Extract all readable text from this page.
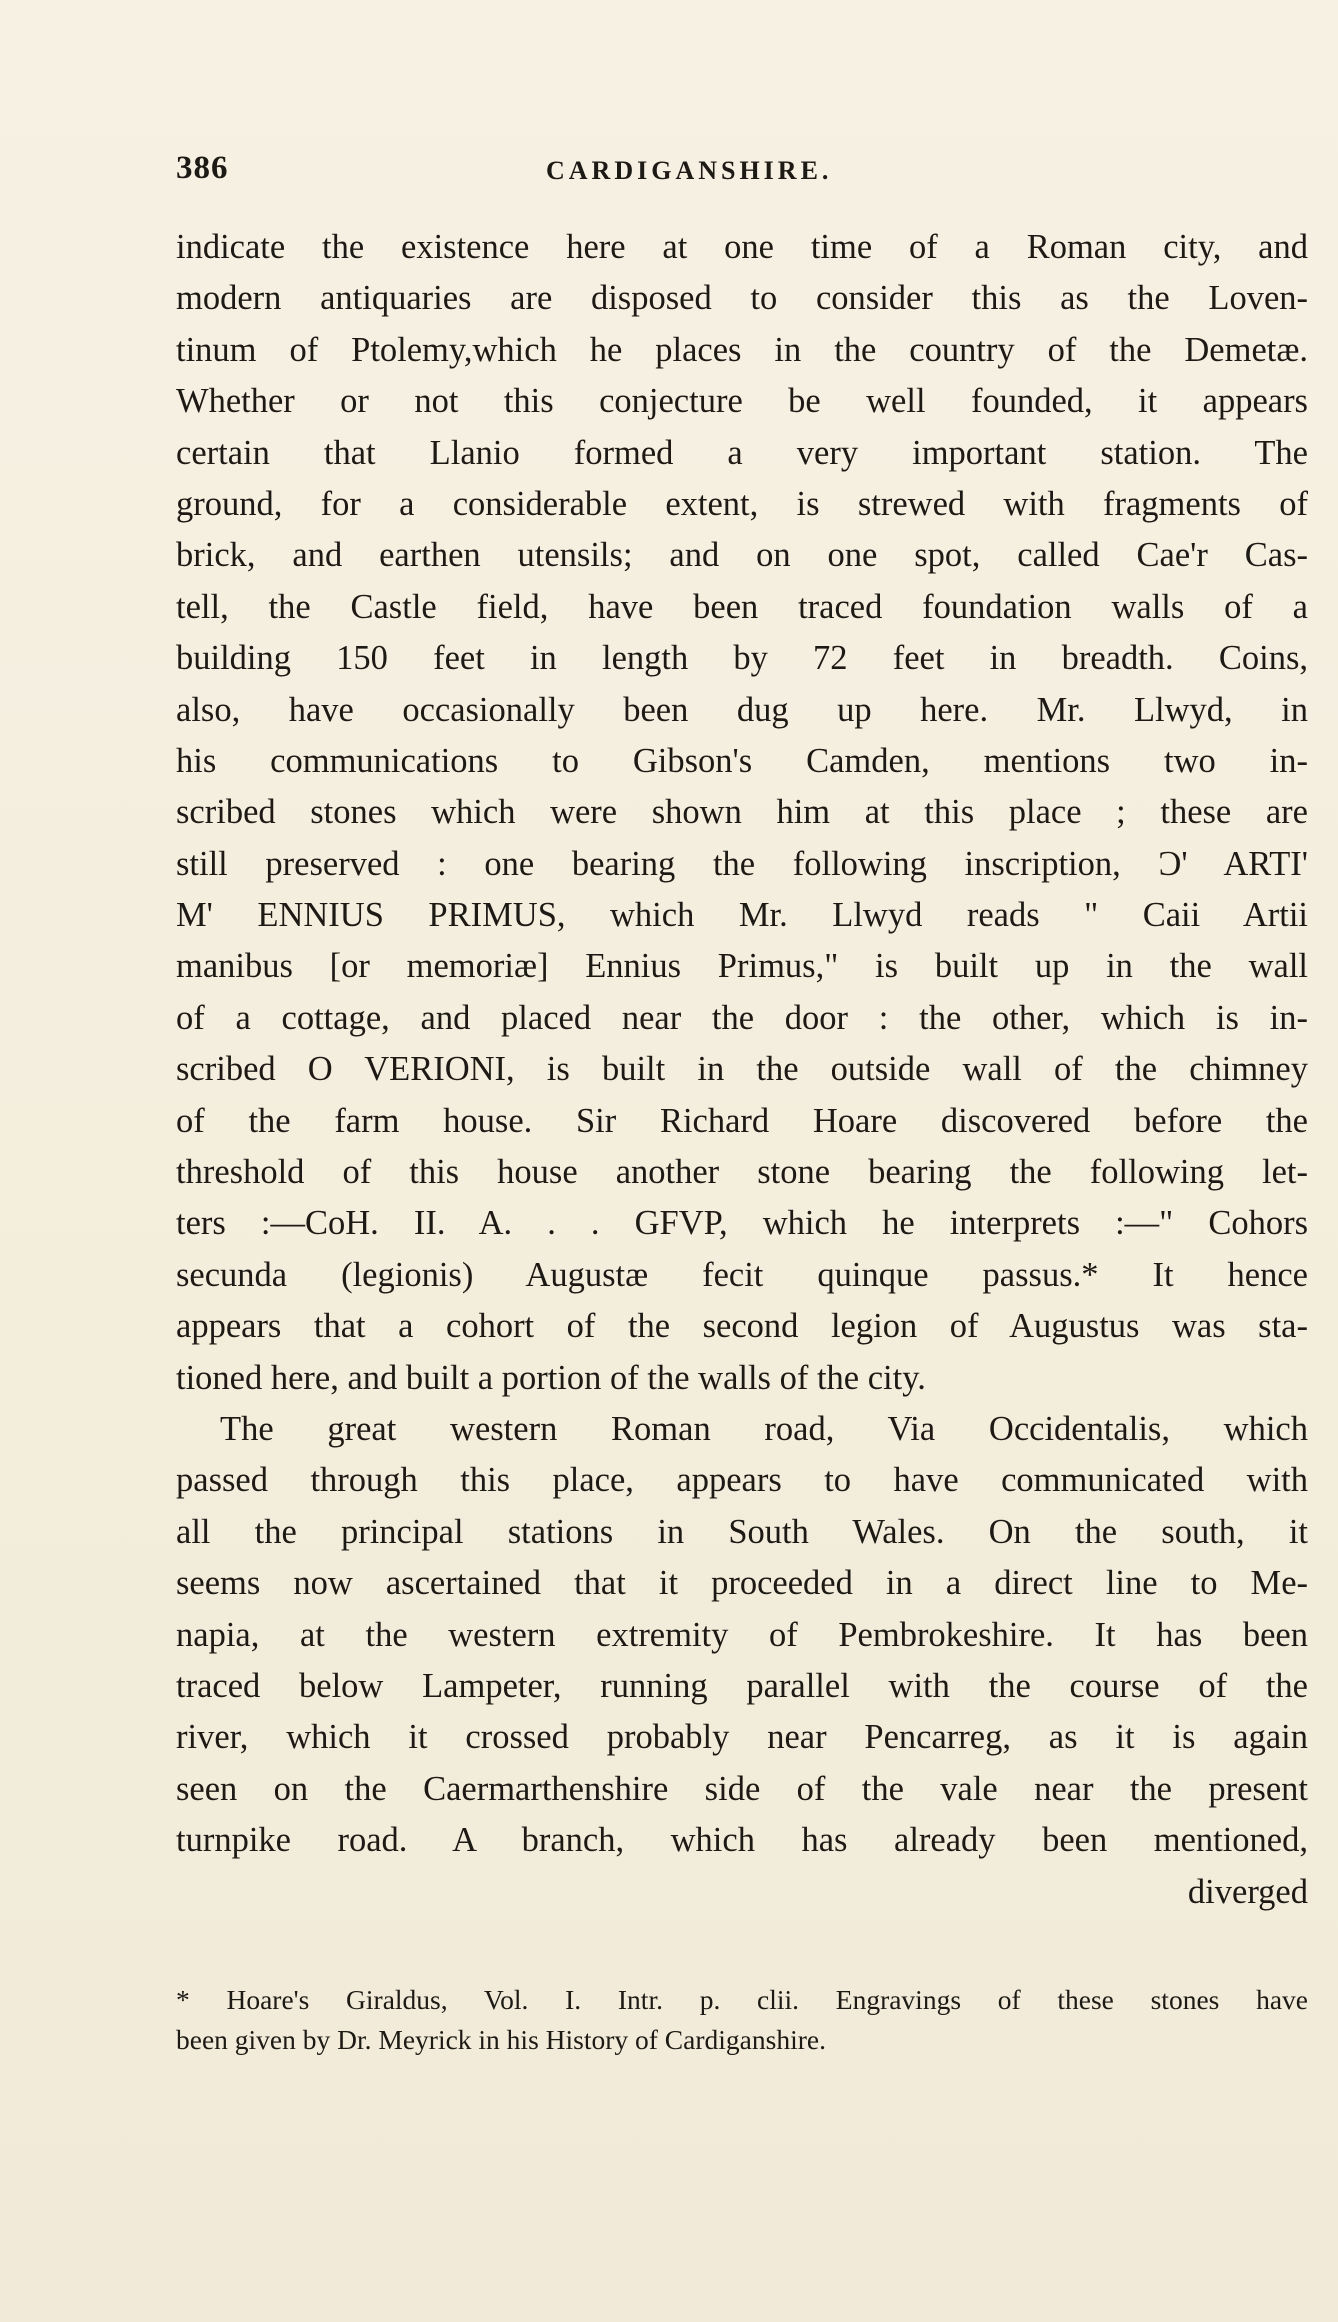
386	CARDIGANSHIRE.
indicate the existence here at one time of a Roman city, and
modern antiquaries are disposed to consider this as the Loven-
tinum of Ptolemy,which he places in the country of the Demetæ.
Whether or not this conjecture be well founded, it appears
certain that Llanio formed a very important station. The
ground, for a considerable extent, is strewed with fragments of
brick, and earthen utensils; and on one spot, called Cae'r Cas-
tell, the Castle field, have been traced foundation walls of a
building 150 feet in length by 72 feet in breadth. Coins,
also, have occasionally been dug up here. Mr. Llwyd, in
his communications to Gibson's Camden, mentions two in-
scribed stones which were shown him at this place ; these are
still preserved : one bearing the following inscription, Ɔ' ARTI'
M' ENNIUS PRIMUS, which Mr. Llwyd reads " Caii Artii
manibus [or memoriæ] Ennius Primus," is built up in the wall
of a cottage, and placed near the door : the other, which is in-
scribed O VERIONI, is built in the outside wall of the chimney
of the farm house. Sir Richard Hoare discovered before the
threshold of this house another stone bearing the following let-
ters :—CoH. II. A. . . GFVP, which he interprets :—" Cohors
secunda (legionis) Augustæ fecit quinque passus.* It hence
appears that a cohort of the second legion of Augustus was sta-
tioned here, and built a portion of the walls of the city.
The great western Roman road, Via Occidentalis, which
passed through this place, appears to have communicated with
all the principal stations in South Wales. On the south, it
seems now ascertained that it proceeded in a direct line to Me-
napia, at the western extremity of Pembrokeshire. It has been
traced below Lampeter, running parallel with the course of the
river, which it crossed probably near Pencarreg, as it is again
seen on the Caermarthenshire side of the vale near the present
turnpike road. A branch, which has already been mentioned,
diverged
* Hoare's Giraldus, Vol. I. Intr. p. clii. Engravings of these stones have
been given by Dr. Meyrick in his History of Cardiganshire.
